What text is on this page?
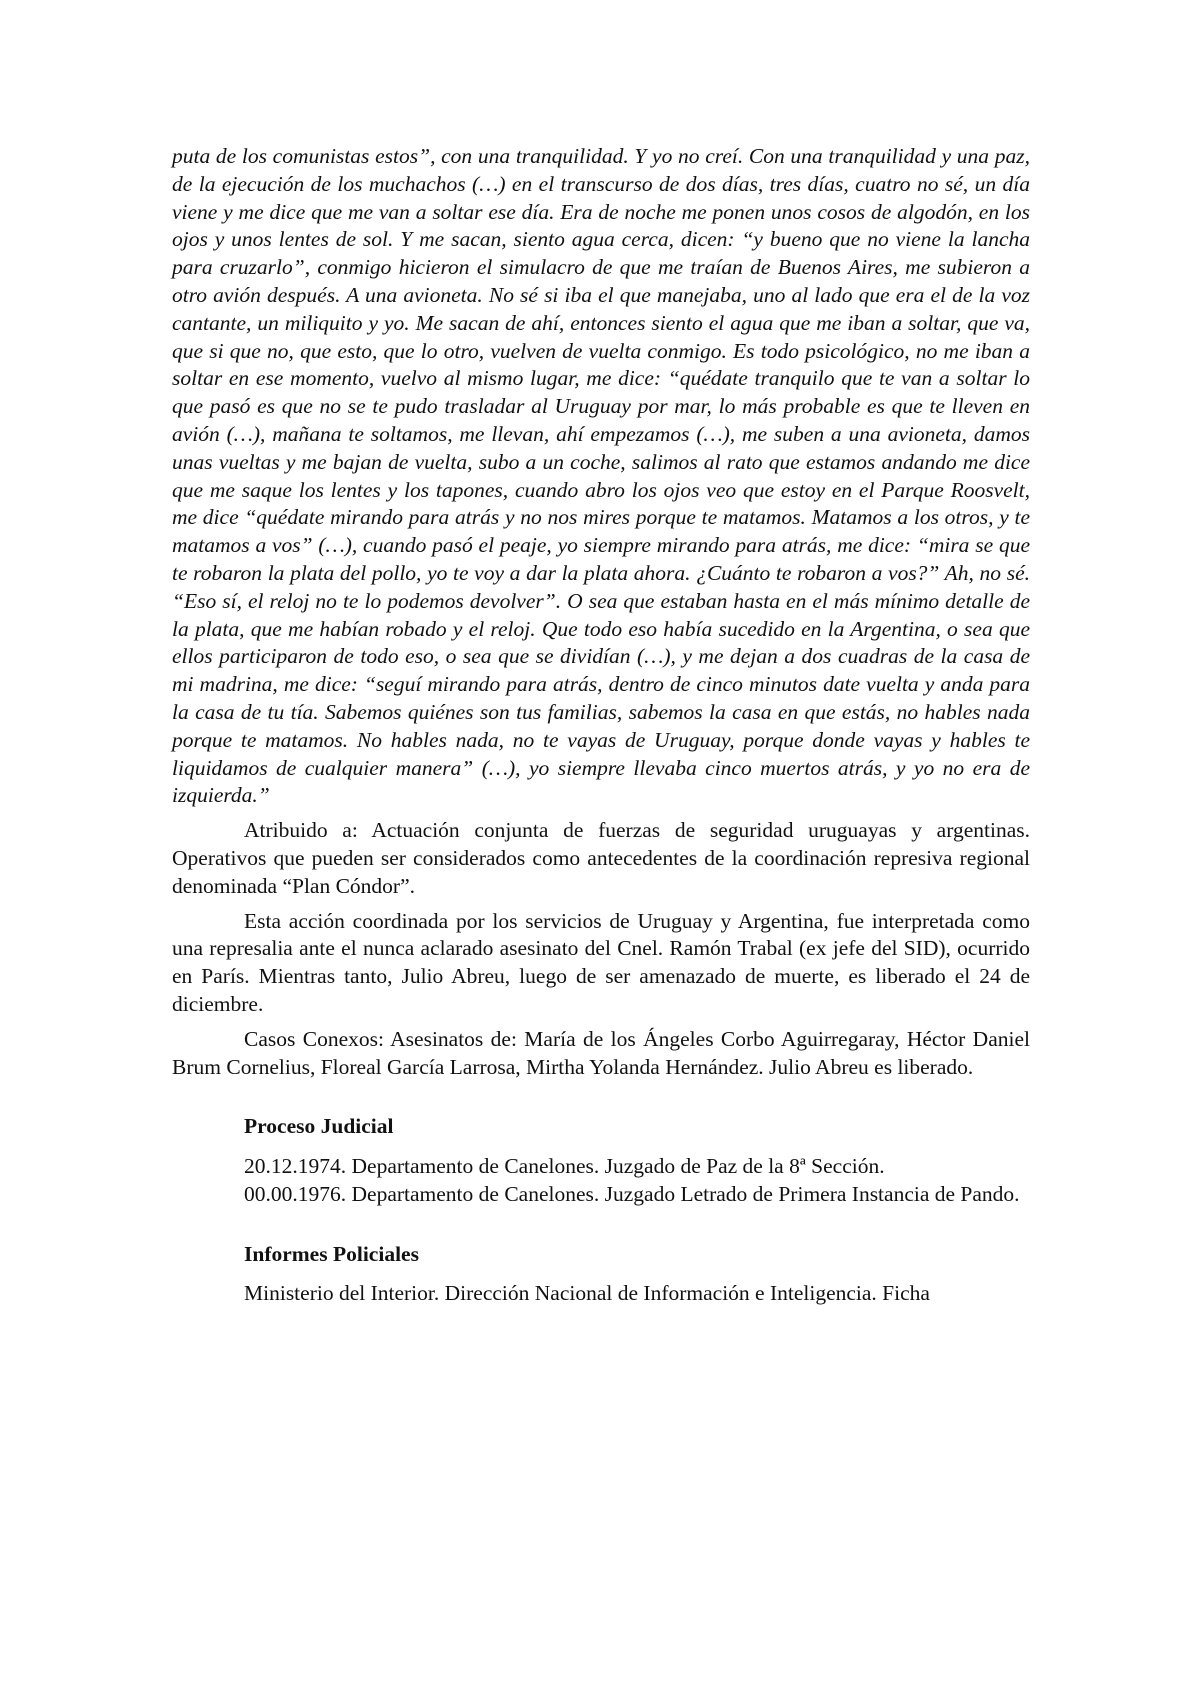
puta de los comunistas estos”, con una tranquilidad. Y yo no creí. Con una tranquilidad y una paz, de la ejecución de los muchachos (…) en el transcurso de dos días, tres días, cuatro no sé, un día viene y me dice que me van a soltar ese día. Era de noche me ponen unos cosos de algodón, en los ojos y unos lentes de sol. Y me sacan, siento agua cerca, dicen: “y bueno que no viene la lancha para cruzarlo”, conmigo hicieron el simulacro de que me traían de Buenos Aires, me subieron a otro avión después. A una avioneta. No sé si iba el que manejaba, uno al lado que era el de la voz cantante, un miliquito y yo. Me sacan de ahí, entonces siento el agua que me iban a soltar, que va, que si que no, que esto, que lo otro, vuelven de vuelta conmigo. Es todo psicológico, no me iban a soltar en ese momento, vuelvo al mismo lugar, me dice: “quédate tranquilo que te van a soltar lo que pasó es que no se te pudo trasladar al Uruguay por mar, lo más probable es que te lleven en avión (…), mañana te soltamos, me llevan, ahí empezamos (…), me suben a una avioneta, damos unas vueltas y me bajan de vuelta, subo a un coche, salimos al rato que estamos andando me dice que me saque los lentes y los tapones, cuando abro los ojos veo que estoy en el Parque Roosvelt, me dice “quédate mirando para atrás y no nos mires porque te matamos. Matamos a los otros, y te matamos a vos” (…), cuando pasó el peaje, yo siempre mirando para atrás, me dice: “mira se que te robaron la plata del pollo, yo te voy a dar la plata ahora. ¿Cuánto te robaron a vos?” Ah, no sé. “Eso sí, el reloj no te lo podemos devolver”. O sea que estaban hasta en el más mínimo detalle de la plata, que me habían robado y el reloj. Que todo eso había sucedido en la Argentina, o sea que ellos participaron de todo eso, o sea que se dividían (…), y me dejan a dos cuadras de la casa de mi madrina, me dice: “seguí mirando para atrás, dentro de cinco minutos date vuelta y anda para la casa de tu tía. Sabemos quiénes son tus familias, sabemos la casa en que estás, no hables nada porque te matamos. No hables nada, no te vayas de Uruguay, porque donde vayas y hables te liquidamos de cualquier manera” (…), yo siempre llevaba cinco muertos atrás, y yo no era de izquierda.”

Atribuido a: Actuación conjunta de fuerzas de seguridad uruguayas y argentinas. Operativos que pueden ser considerados como antecedentes de la coordinación represiva regional denominada “Plan Cóndor”.

Esta acción coordinada por los servicios de Uruguay y Argentina, fue interpretada como una represalia ante el nunca aclarado asesinato del Cnel. Ramón Trabal (ex jefe del SID), ocurrido en París. Mientras tanto, Julio Abreu, luego de ser amenazado de muerte, es liberado el 24 de diciembre.

Casos Conexos: Asesinatos de: María de los Ángeles Corbo Aguirregaray, Héctor Daniel Brum Cornelius, Floreal García Larrosa, Mirtha Yolanda Hernández. Julio Abreu es liberado.

Proceso Judicial

20.12.1974. Departamento de Canelones. Juzgado de Paz de la 8ª Sección.

00.00.1976. Departamento de Canelones. Juzgado Letrado de Primera Instancia de Pando.

Informes Policiales

Ministerio del Interior. Dirección Nacional de Información e Inteligencia. Ficha
